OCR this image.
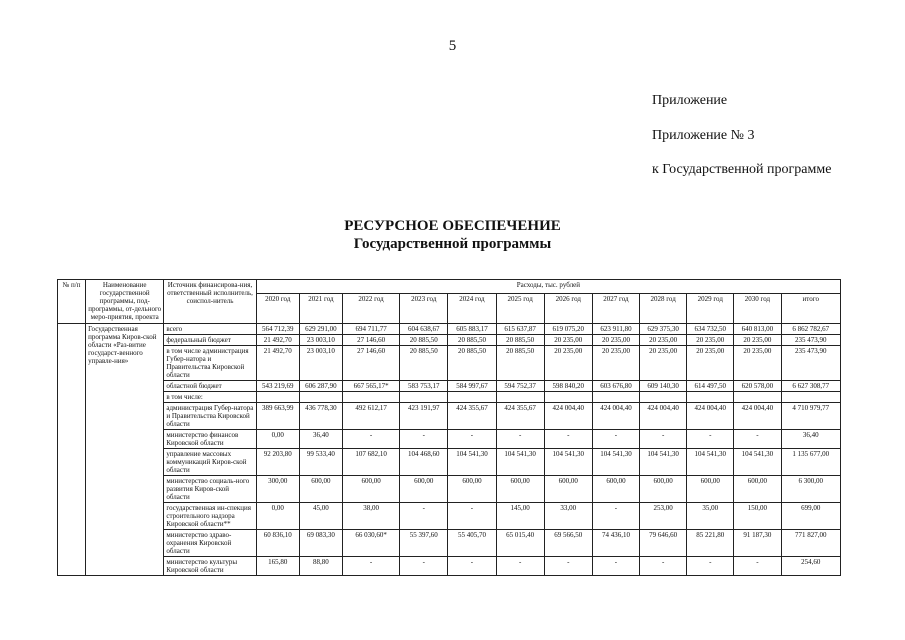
5
Приложение
Приложение № 3
к Государственной программе
РЕСУРСНОЕ ОБЕСПЕЧЕНИЕ
Государственной программы
№ п/п	Наименование государственной программы, под-программы, от-дельного меро-приятия, проекта	Источник финансирова-ния, ответственный исполнитель, соиспол-нитель	Расходы, тыс. рублей											
			2020 год	2021 год	2022 год	2023 год	2024 год	2025 год	2026 год	2027 год	2028 год	2029 год	2030 год	итого
	Государственная программа Киров-ской области «Раз-витие государст-венного управле-ния»	всего	564 712,39	629 291,00	694 711,77	604 638,67	605 883,17	615 637,87	619 075,20	623 911,80	629 375,30	634 732,50	640 813,00	6 862 782,67
		федеральный бюджет	21 492,70	23 003,10	27 146,60	20 885,50	20 885,50	20 885,50	20 235,00	20 235,00	20 235,00	20 235,00	20 235,00	235 473,90
		в том числе администрация Губер-натора и Правительства Кировской области	21 492,70	23 003,10	27 146,60	20 885,50	20 885,50	20 885,50	20 235,00	20 235,00	20 235,00	20 235,00	20 235,00	235 473,90
		областной бюджет	543 219,69	606 287,90	667 565,17*	583 753,17	584 997,67	594 752,37	598 840,20	603 676,80	609 140,30	614 497,50	620 578,00	6 627 308,77
		в том числе:												
		администрация Губер-натора и Правительства Кировской области	389 663,99	436 778,30	492 612,17	423 191,97	424 355,67	424 355,67	424 004,40	424 004,40	424 004,40	424 004,40	424 004,40	4 710 979,77
		министерство финансов Кировской области	0,00	36,40	-	-	-	-	-	-	-	-	-	36,40
		управление массовых коммуникаций Киров-ской области	92 203,80	99 533,40	107 682,10	104 468,60	104 541,30	104 541,30	104 541,30	104 541,30	104 541,30	104 541,30	104 541,30	1 135 677,00
		министерство социаль-ного развития Киров-ской области	300,00	600,00	600,00	600,00	600,00	600,00	600,00	600,00	600,00	600,00	600,00	6 300,00
		государственная ин-спекция строительного надзора Кировской области**	0,00	45,00	38,00	-	-	145,00	33,00	-	253,00	35,00	150,00	699,00
		министерство здраво-охранения Кировской области	60 836,10	69 083,30	66 030,60*	55 397,60	55 405,70	65 015,40	69 566,50	74 436,10	79 646,60	85 221,80	91 187,30	771 827,00
		министерство культуры Кировской области	165,80	88,80	-	-	-	-	-	-	-	-	-	254,60
